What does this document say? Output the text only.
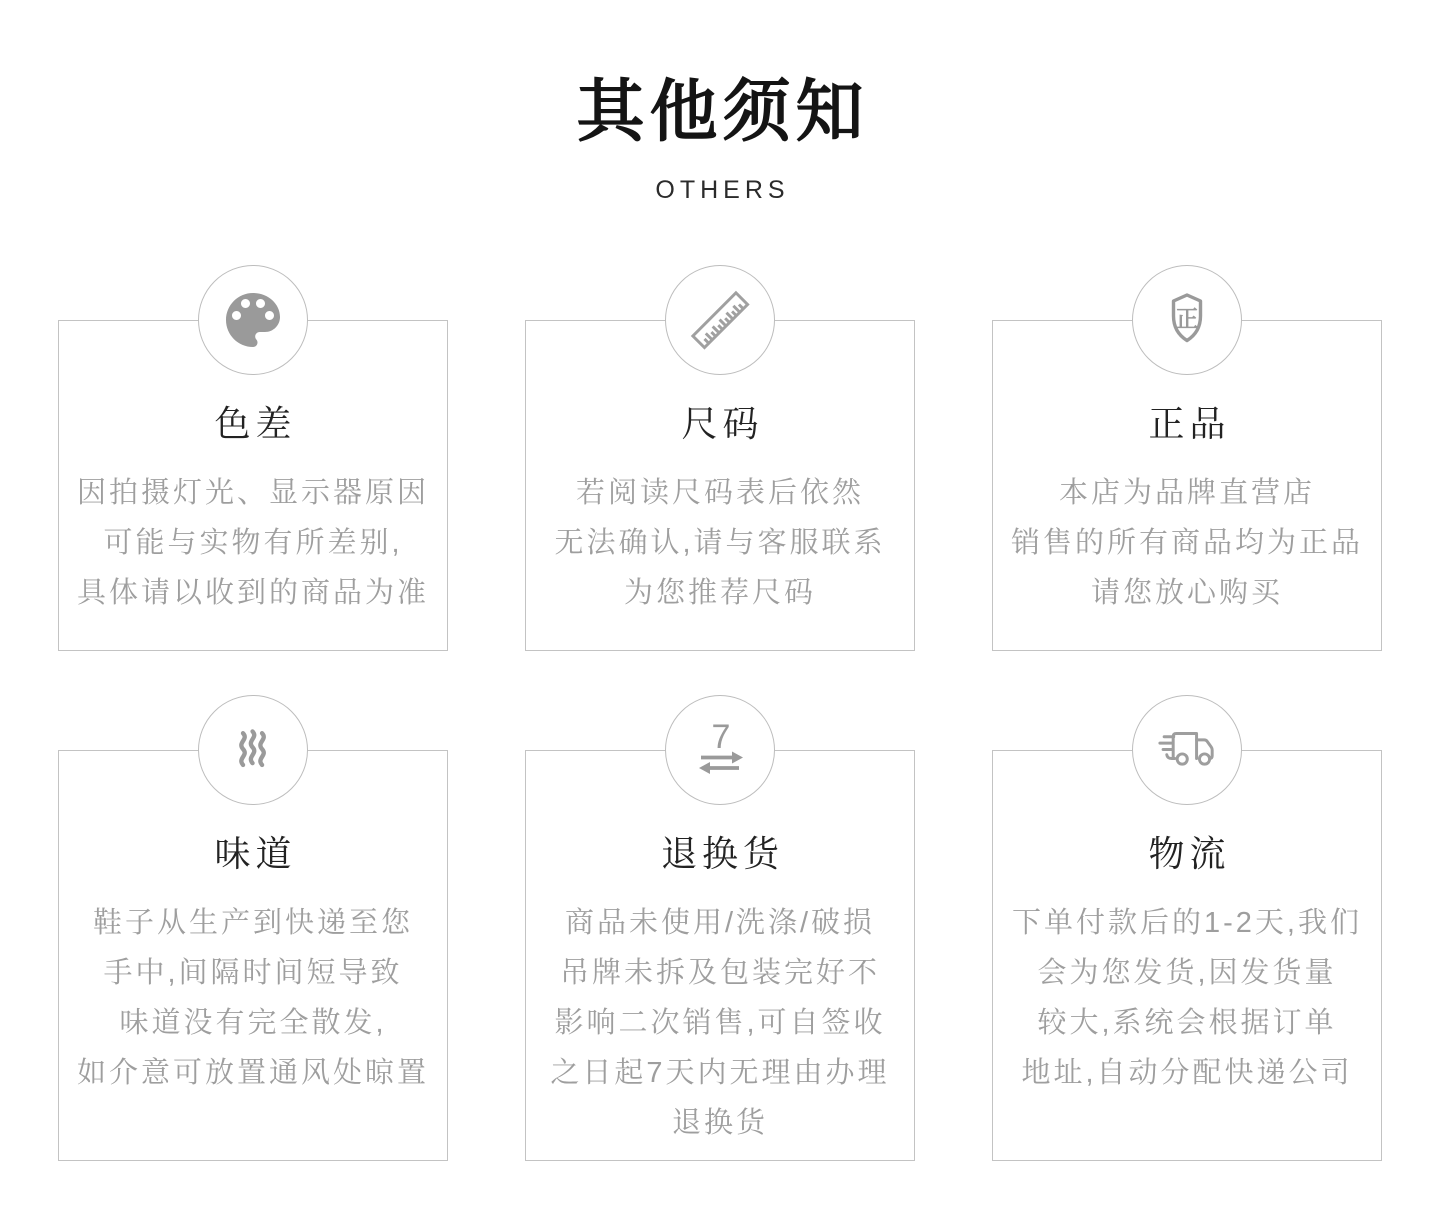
其他须知
OTHERS
色差
因拍摄灯光、显示器原因
可能与实物有所差别,
具体请以收到的商品为准
尺码
若阅读尺码表后依然
无法确认,请与客服联系
为您推荐尺码
正
正品
本店为品牌直营店
销售的所有商品均为正品
请您放心购买
味道
鞋子从生产到快递至您
手中,间隔时间短导致
味道没有完全散发,
如介意可放置通风处晾置
7
退换货
商品未使用/洗涤/破损
吊牌未拆及包装完好不
影响二次销售,可自签收
之日起7天内无理由办理
退换货
物流
下单付款后的1-2天,我们
会为您发货,因发货量
较大,系统会根据订单
地址,自动分配快递公司
